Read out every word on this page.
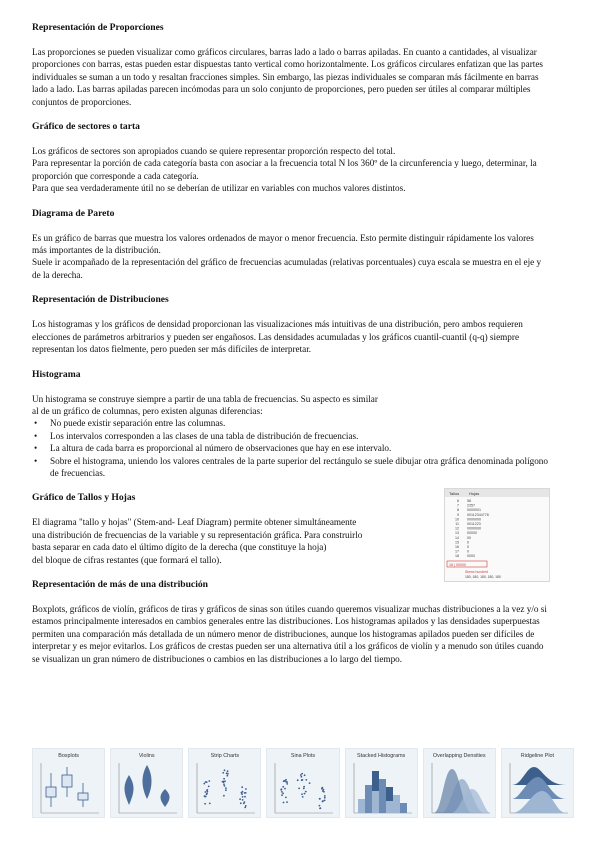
Representación de Proporciones

Las proporciones se pueden visualizar como gráficos circulares, barras lado a lado o barras apiladas. En cuanto a cantidades, al visualizar proporciones con barras, estas pueden estar dispuestas tanto vertical como horizontalmente. Los gráficos circulares enfatizan que las partes individuales se suman a un todo y resaltan fracciones simples. Sin embargo, las piezas individuales se comparan más fácilmente en barras lado a lado. Las barras apiladas parecen incómodas para un solo conjunto de proporciones, pero pueden ser útiles al comparar múltiples conjuntos de proporciones.

Gráfico de sectores o tarta

Los gráficos de sectores son apropiados cuando se quiere representar proporción respecto del total.

Para representar la porción de cada categoría basta con asociar a la frecuencia total N los 360º de la circunferencia y luego, determinar, la proporción que corresponde a cada categoría.

Para que sea verdaderamente útil no se deberían de utilizar en variables con muchos valores distintos.

Diagrama de Pareto

Es un gráfico de barras que muestra los valores ordenados de mayor o menor frecuencia. Esto permite distinguir rápidamente los valores más importantes de la distribución.

Suele ir acompañado de la representación del gráfico de frecuencias acumuladas (relativas porcentuales) cuya escala se muestra en el eje y de la derecha.

Representación de Distribuciones

Los histogramas y los gráficos de densidad proporcionan las visualizaciones más intuitivas de una distribución, pero ambos requieren elecciones de parámetros arbitrarios y pueden ser engañosos. Las densidades acumuladas y los gráficos cuantil-cuantil (q-q) siempre representan los datos fielmente, pero pueden ser más difíciles de interpretar.

Histograma

Un histograma se construye siempre a partir de una tabla de frecuencias. Su aspecto es similar

al de un gráfico de columnas, pero existen algunas diferencias:

• No puede existir separación entre las columnas.
• Los intervalos corresponden a las clases de una tabla de distribución de frecuencias.
• La altura de cada barra es proporcional al número de observaciones que hay en ese intervalo.
• Sobre el histograma, uniendo los valores centrales de la parte superior del rectángulo se suele dibujar otra gráfica denominada polígono de frecuencias.
Gráfico de Tallos y Hojas

El diagrama "tallo y hojas" (Stem-and- Leaf Diagram) permite obtener simultáneamente

una distribución de frecuencias de la variable y su representación gráfica. Para construirlo

basta separar en cada dato el último dígito de la derecha (que constituye la hoja)

del bloque de cifras restantes (que formará el tallo).

Tallos Hojas
6 58
7 2357
8 0000001
9 00112344778
10 0000000
11 0011223
12 0000000
13 00000
14 00
15 0
16 0
17 0
18 0000
18 | 00000
Stems hundred
180, 180, 180, 180, 180
Representación de más de una distribución

Boxplots, gráficos de violín, gráficos de tiras y gráficos de sinas son útiles cuando queremos visualizar muchas distribuciones a la vez y/o si estamos principalmente interesados en cambios generales entre las distribuciones. Los histogramas apilados y las densidades superpuestas permiten una comparación más detallada de un número menor de distribuciones, aunque los histogramas apilados pueden ser difíciles de interpretar y es mejor evitarlos. Los gráficos de crestas pueden ser una alternativa útil a los gráficos de violín y a menudo son útiles cuando se visualizan un gran número de distribuciones o cambios en las distribuciones a lo largo del tiempo.

Boxplots	Violins	Strip Charts	Sina Plots	Stacked Histograms	Overlapping Densities	Ridgeline Plot
